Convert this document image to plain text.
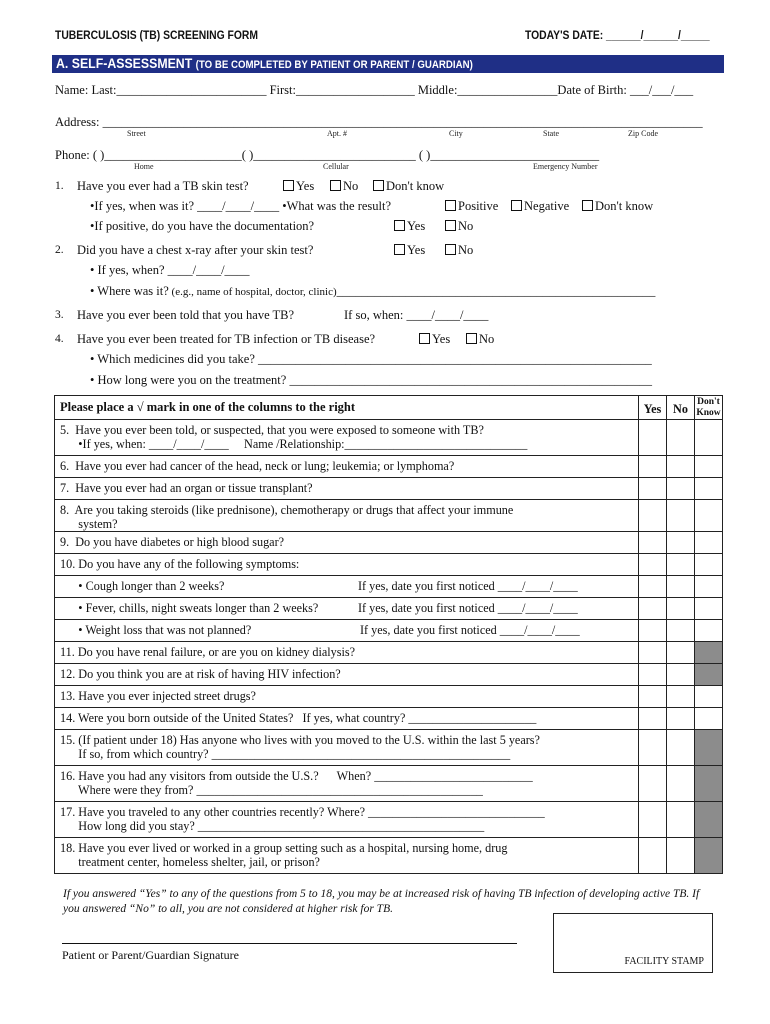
TUBERCULOSIS (TB) SCREENING FORM	TODAY'S DATE: ______/______/_____
A. SELF-ASSESSMENT (TO BE COMPLETED BY PATIENT OR PARENT / GUARDIAN)
Name: Last:________________________ First:___________________ Middle:________________Date of Birth: ___/___/___
Address: ________________________________________________________________________________________________
Street	Apt. #	City	State	Zip Code
Phone: ( )______________________( )__________________________ ( )___________________________
Home	Cellular	Emergency Number
1. Have you ever had a TB skin test?	Yes	No	Don't know
•If yes, when was it? ____/____/____ •What was the result?	Positive	Negative	Don't know
•If positive, do you have the documentation?	Yes	No
2. Did you have a chest x-ray after your skin test?	Yes	No
• If yes, when? ____/____/____
• Where was it? (e.g., name of hospital, doctor, clinic)___________________________________________________
3. Have you ever been told that you have TB?	If so, when: ____/____/____
4. Have you ever been treated for TB infection or TB disease?	Yes	No
• Which medicines did you take? _______________________________________________________________
• How long were you on the treatment? __________________________________________________________
Please place a √ mark in one of the columns to the right	Yes	No	Don't Know

5.  Have you ever been told, or suspected, that you were exposed to someone with TB?
•If yes, when: ____/____/____     Name /Relationship:______________________________			

6.  Have you ever had cancer of the head, neck or lung; leukemia; or lymphoma?			

7.  Have you ever had an organ or tissue transplant?			

8.  Are you taking steroids (like prednisone), chemotherapy or drugs that affect your immune
system?			

9.  Do you have diabetes or high blood sugar?			

10. Do you have any of the following symptoms:			

• Cough longer than 2 weeks? If yes, date you first noticed ____/____/____			

• Fever, chills, night sweats longer than 2 weeks? If yes, date you first noticed ____/____/____			

• Weight loss that was not planned? If yes, date you first noticed ____/____/____			

11. Do you have renal failure, or are you on kidney dialysis?			

12. Do you think you are at risk of having HIV infection?			

13. Have you ever injected street drugs?			

14. Were you born outside of the United States?   If yes, what country? _____________________			

15. (If patient under 18) Has anyone who lives with you moved to the U.S. within the last 5 years?
If so, from which country? _________________________________________________			

16. Have you had any visitors from outside the U.S.?      When? __________________________
Where were they from? _______________________________________________			

17. Have you traveled to any other countries recently? Where? _____________________________
How long did you stay? _______________________________________________			

18. Have you ever lived or worked in a group setting such as a hospital, nursing home, drug
treatment center, homeless shelter, jail, or prison?			

If you answered “Yes” to any of the questions from 5 to 18, you may be at increased risk of having TB infection of developing active TB. If you answered “No” to all, you are not considered at higher risk for TB.
Patient or Parent/Guardian Signature	FACILITY STAMP
